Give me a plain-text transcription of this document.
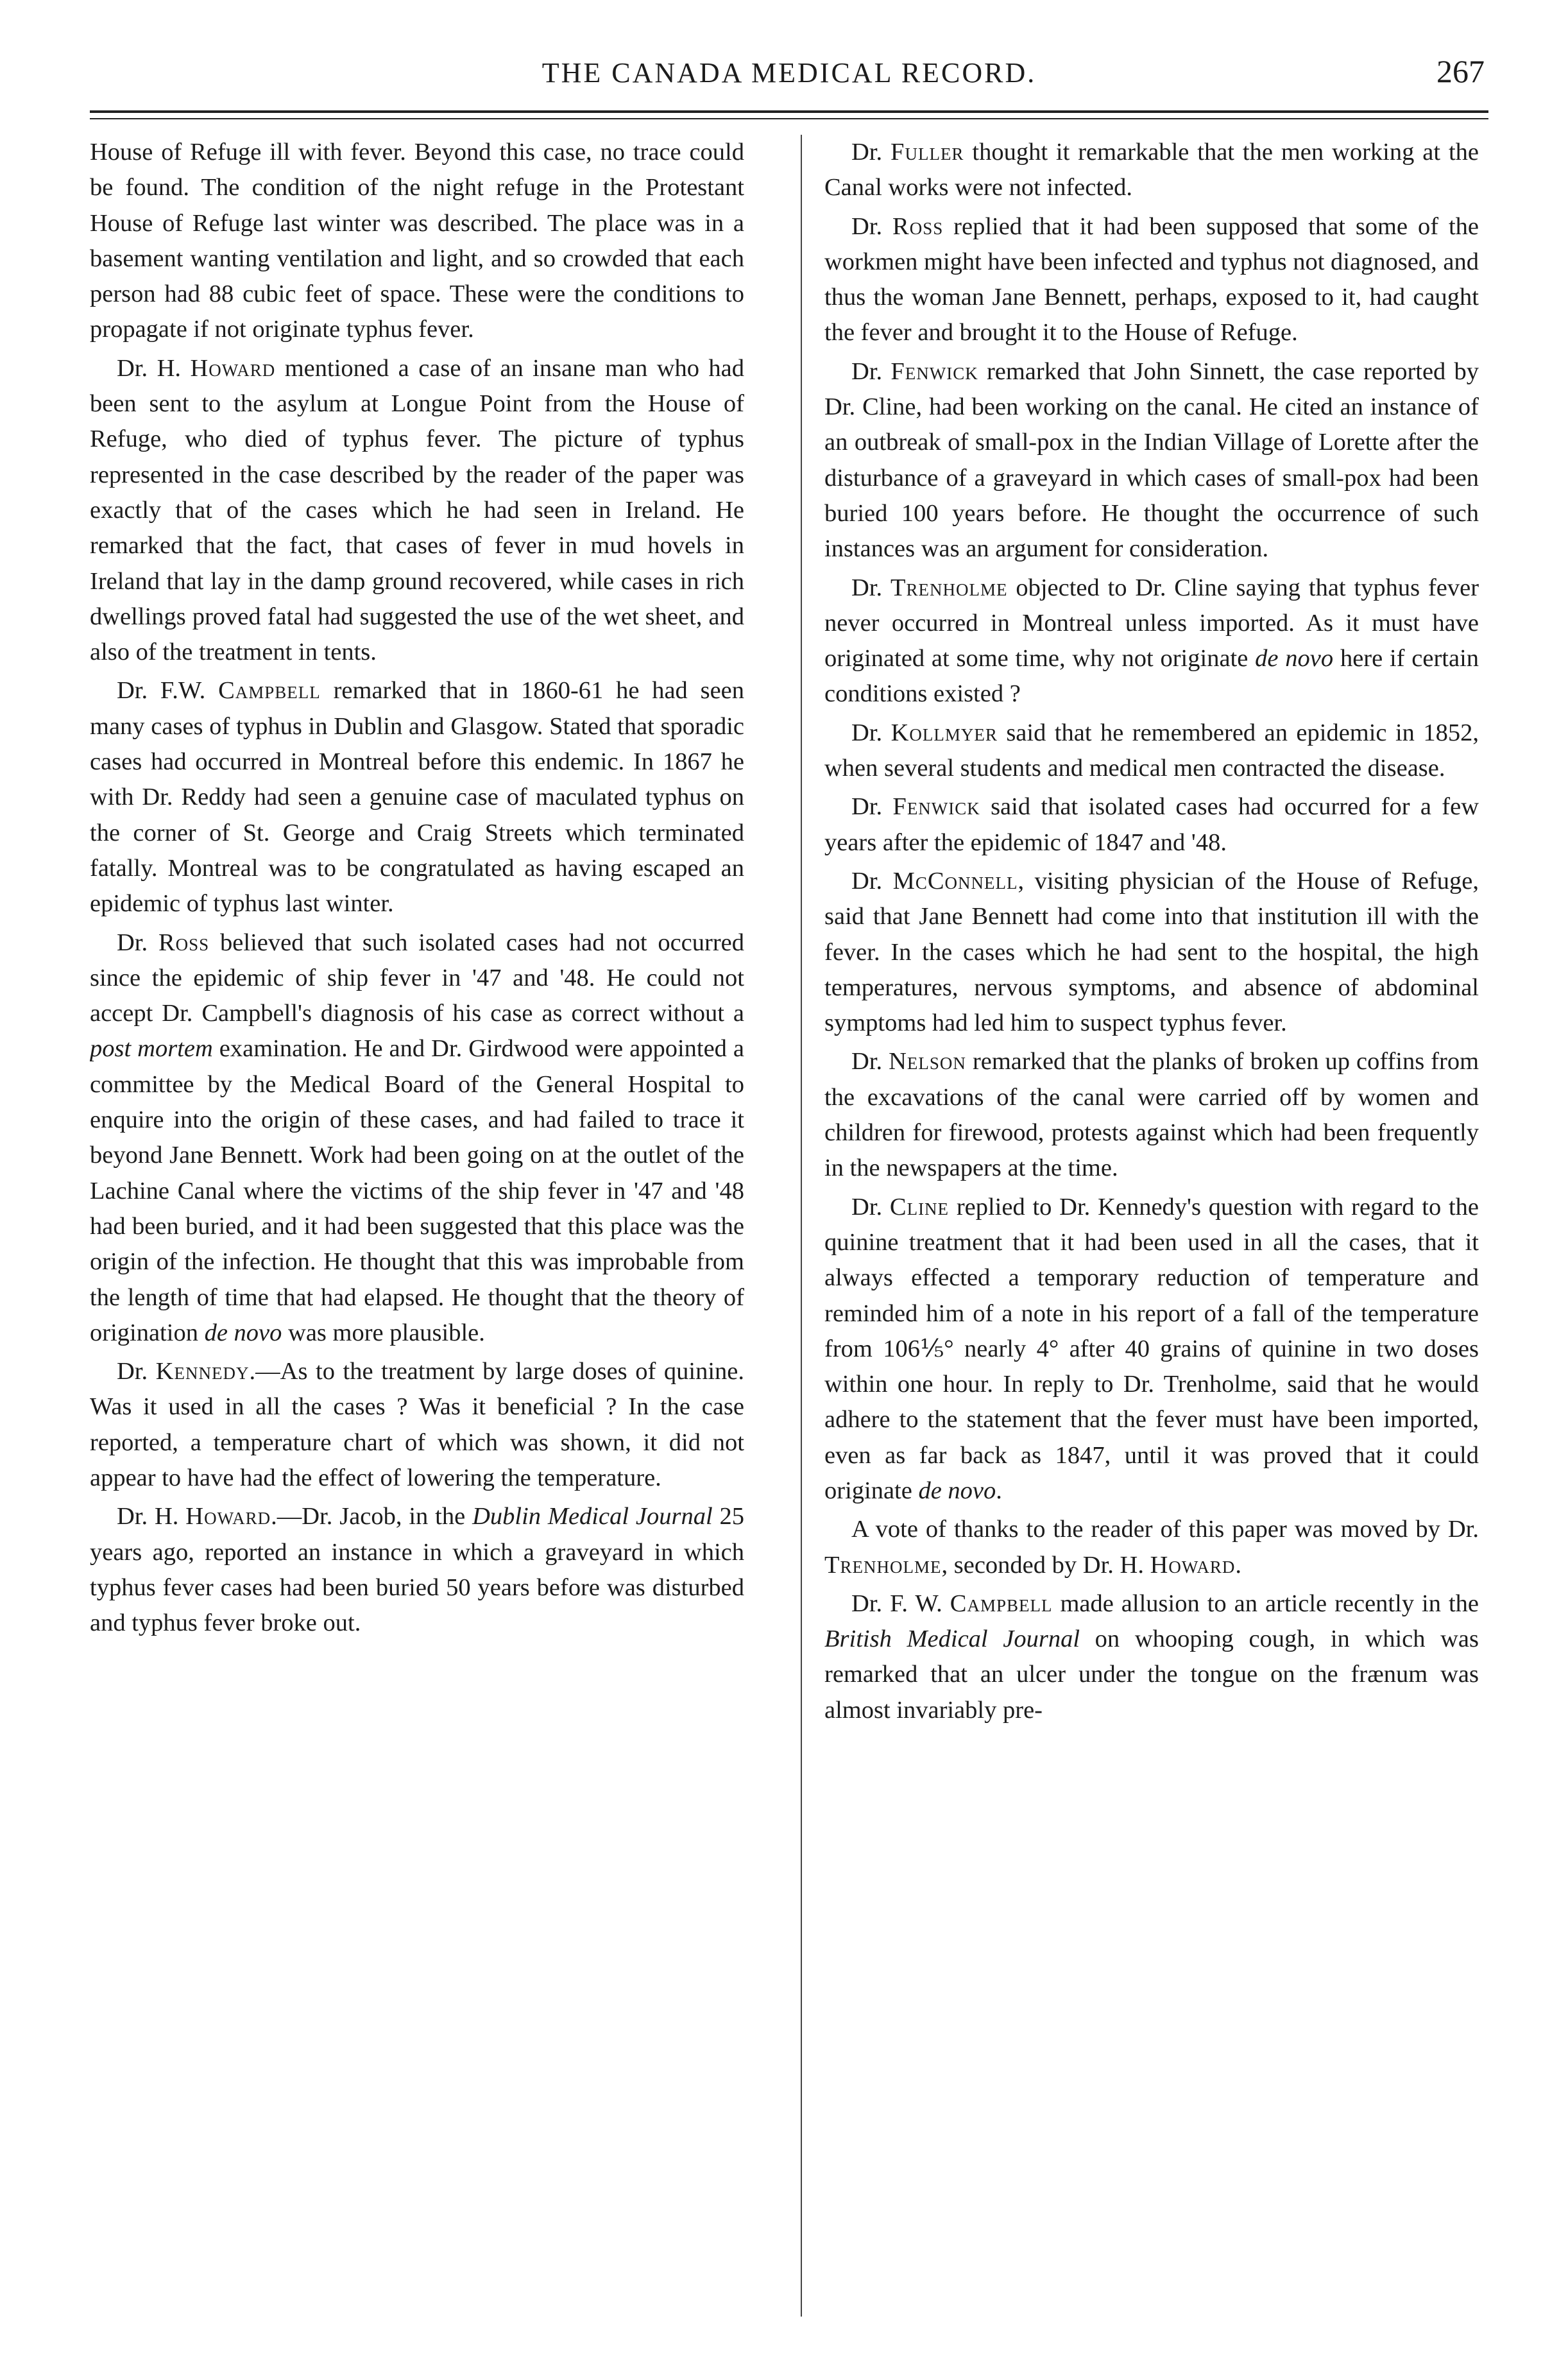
THE CANADA MEDICAL RECORD.	267

House of Refuge ill with fever. Beyond this case, no trace could be found. The condition of the night refuge in the Protestant House of Refuge last winter was described. The place was in a basement wanting ventilation and light, and so crowded that each person had 88 cubic feet of space. These were the conditions to propagate if not originate typhus fever.

Dr. H. Howard mentioned a case of an insane man who had been sent to the asylum at Longue Point from the House of Refuge, who died of typhus fever. The picture of typhus represented in the case described by the reader of the paper was exactly that of the cases which he had seen in Ireland. He remarked that the fact, that cases of fever in mud hovels in Ireland that lay in the damp ground recovered, while cases in rich dwellings proved fatal had suggested the use of the wet sheet, and also of the treatment in tents.

Dr. F.W. Campbell remarked that in 1860-61 he had seen many cases of typhus in Dublin and Glasgow. Stated that sporadic cases had occurred in Montreal before this endemic. In 1867 he with Dr. Reddy had seen a genuine case of maculated typhus on the corner of St. George and Craig Streets which terminated fatally. Montreal was to be congratulated as having escaped an epidemic of typhus last winter.

Dr. Ross believed that such isolated cases had not occurred since the epidemic of ship fever in '47 and '48. He could not accept Dr. Campbell's diagnosis of his case as correct without a post mortem examination. He and Dr. Girdwood were appointed a committee by the Medical Board of the General Hospital to enquire into the origin of these cases, and had failed to trace it beyond Jane Bennett. Work had been going on at the outlet of the Lachine Canal where the victims of the ship fever in '47 and '48 had been buried, and it had been suggested that this place was the origin of the infection. He thought that this was improbable from the length of time that had elapsed. He thought that the theory of origination de novo was more plausible.

Dr. Kennedy.—As to the treatment by large doses of quinine. Was it used in all the cases ? Was it beneficial ? In the case reported, a temperature chart of which was shown, it did not appear to have had the effect of lowering the temperature.

Dr. H. Howard.—Dr. Jacob, in the Dublin Medical Journal 25 years ago, reported an instance in which a graveyard in which typhus fever cases had been buried 50 years before was disturbed and typhus fever broke out.

Dr. Fuller thought it remarkable that the men working at the Canal works were not infected.

Dr. Ross replied that it had been supposed that some of the workmen might have been infected and typhus not diagnosed, and thus the woman Jane Bennett, perhaps, exposed to it, had caught the fever and brought it to the House of Refuge.

Dr. Fenwick remarked that John Sinnett, the case reported by Dr. Cline, had been working on the canal. He cited an instance of an outbreak of small-pox in the Indian Village of Lorette after the disturbance of a graveyard in which cases of small-pox had been buried 100 years before. He thought the occurrence of such instances was an argument for consideration.

Dr. Trenholme objected to Dr. Cline saying that typhus fever never occurred in Montreal unless imported. As it must have originated at some time, why not originate de novo here if certain conditions existed ?

Dr. Kollmyer said that he remembered an epidemic in 1852, when several students and medical men contracted the disease.

Dr. Fenwick said that isolated cases had occurred for a few years after the epidemic of 1847 and '48.

Dr. McConnell, visiting physician of the House of Refuge, said that Jane Bennett had come into that institution ill with the fever. In the cases which he had sent to the hospital, the high temperatures, nervous symptoms, and absence of abdominal symptoms had led him to suspect typhus fever.

Dr. Nelson remarked that the planks of broken up coffins from the excavations of the canal were carried off by women and children for firewood, protests against which had been frequently in the newspapers at the time.

Dr. Cline replied to Dr. Kennedy's question with regard to the quinine treatment that it had been used in all the cases, that it always effected a temporary reduction of temperature and reminded him of a note in his report of a fall of the temperature from 106⅕° nearly 4° after 40 grains of quinine in two doses within one hour. In reply to Dr. Trenholme, said that he would adhere to the statement that the fever must have been imported, even as far back as 1847, until it was proved that it could originate de novo.

A vote of thanks to the reader of this paper was moved by Dr. Trenholme, seconded by Dr. H. Howard.

Dr. F. W. Campbell made allusion to an article recently in the British Medical Journal on whooping cough, in which was remarked that an ulcer under the tongue on the frænum was almost invariably pre-
